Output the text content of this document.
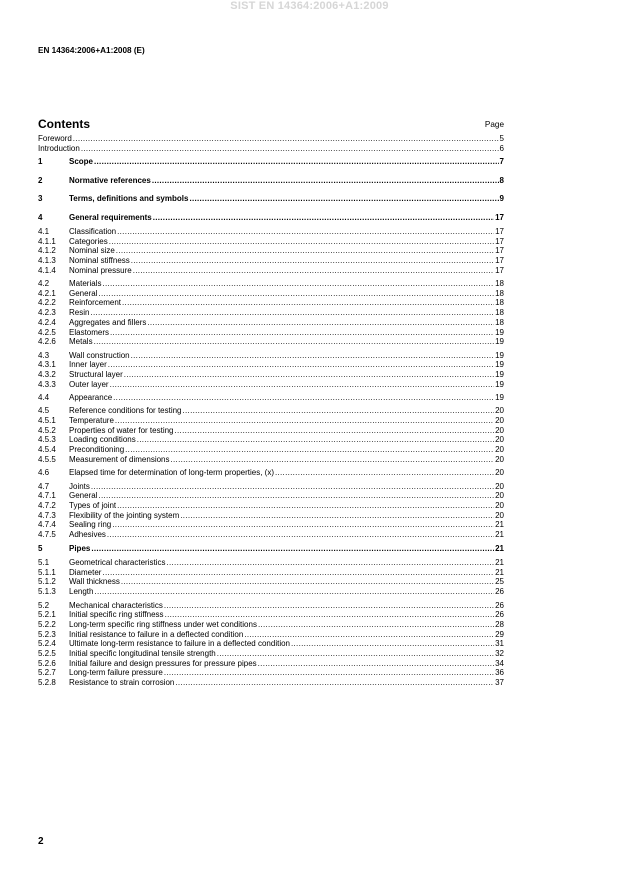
SIST EN 14364:2006+A1:2009
EN 14364:2006+A1:2008 (E)
Contents	Page
Foreword .....	5
Introduction .....	6
1	Scope .....	7
2	Normative references .....	8
3	Terms, definitions and symbols .....	9
4	General requirements .....	17
4.1	Classification .....	17
4.1.1	Categories .....	17
4.1.2	Nominal size .....	17
4.1.3	Nominal stiffness .....	17
4.1.4	Nominal pressure .....	17
4.2	Materials .....	18
4.2.1	General .....	18
4.2.2	Reinforcement .....	18
4.2.3	Resin .....	18
4.2.4	Aggregates and fillers .....	18
4.2.5	Elastomers .....	19
4.2.6	Metals .....	19
4.3	Wall construction .....	19
4.3.1	Inner layer .....	19
4.3.2	Structural layer .....	19
4.3.3	Outer layer .....	19
4.4	Appearance .....	19
4.5	Reference conditions for testing .....	20
4.5.1	Temperature .....	20
4.5.2	Properties of water for testing .....	20
4.5.3	Loading conditions .....	20
4.5.4	Preconditioning .....	20
4.5.5	Measurement of dimensions .....	20
4.6	Elapsed time for determination of long-term properties, (x) .....	20
4.7	Joints .....	20
4.7.1	General .....	20
4.7.2	Types of joint .....	20
4.7.3	Flexibility of the jointing system .....	20
4.7.4	Sealing ring .....	21
4.7.5	Adhesives .....	21
5	Pipes .....	21
5.1	Geometrical characteristics .....	21
5.1.1	Diameter .....	21
5.1.2	Wall thickness .....	25
5.1.3	Length .....	26
5.2	Mechanical characteristics .....	26
5.2.1	Initial specific ring stiffness .....	26
5.2.2	Long-term specific ring stiffness under wet conditions .....	28
5.2.3	Initial resistance to failure in a deflected condition .....	29
5.2.4	Ultimate long-term resistance to failure in a deflected condition .....	31
5.2.5	Initial specific longitudinal tensile strength .....	32
5.2.6	Initial failure and design pressures for pressure pipes .....	34
5.2.7	Long-term failure pressure .....	36
5.2.8	Resistance to strain corrosion .....	37
2
